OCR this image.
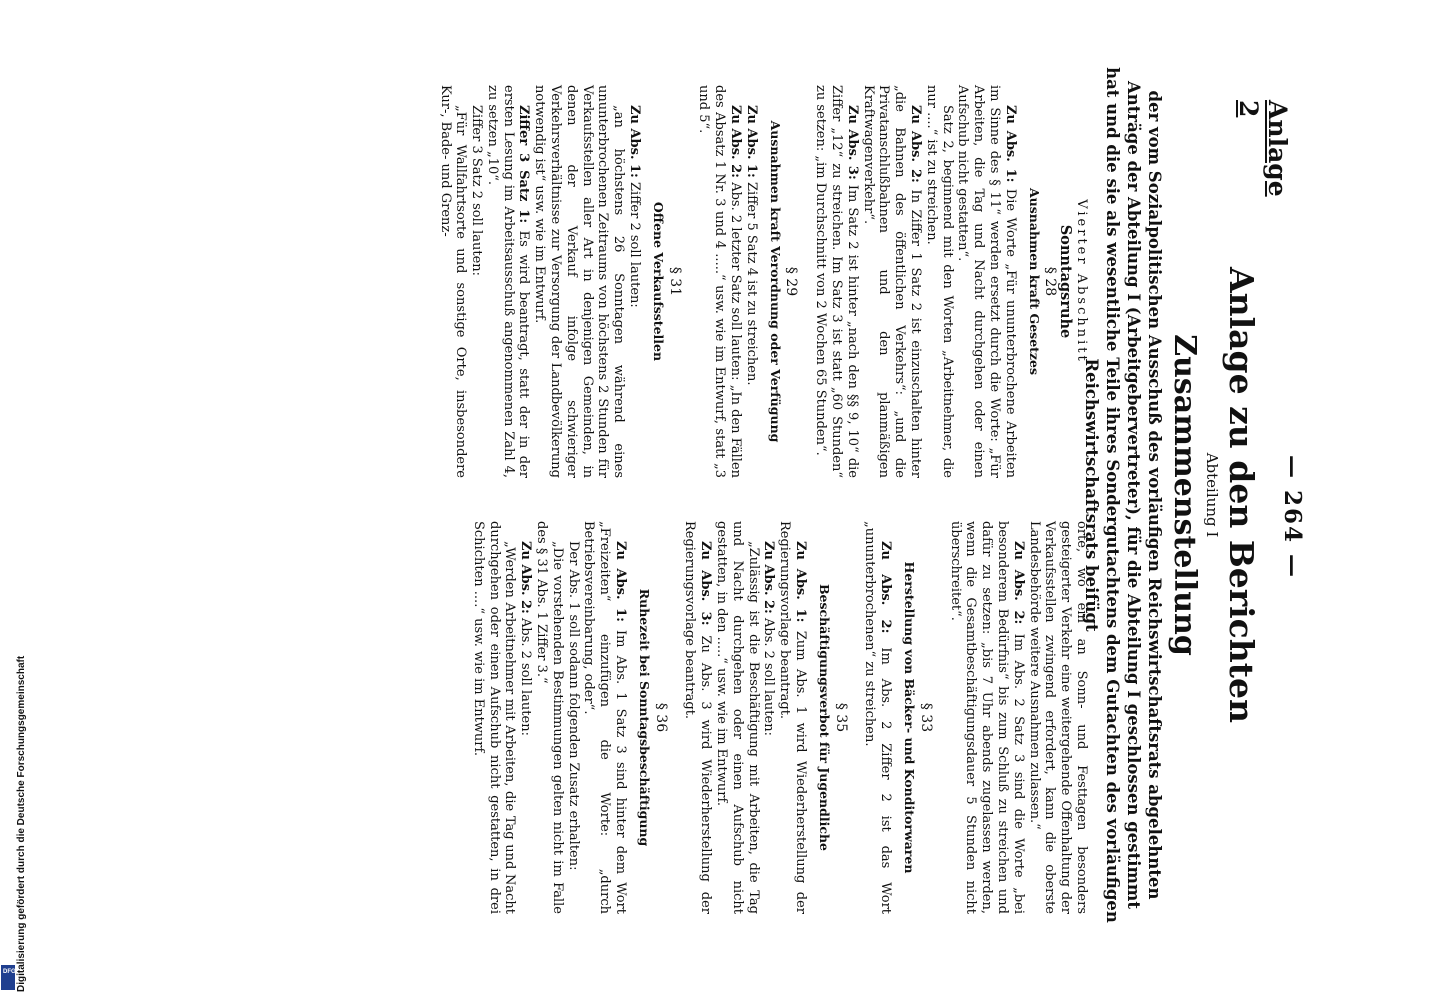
Anlage 2
— 264 —
Anlage zu den Berichten
Abteilung I
Zusammenstellung
der vom Sozialpolitischen Ausschuß des vorläufigen Reichswirtschaftsrats abgelehnten
Anträge der Abteilung I (Arbeitgebervertreter), für die Abteilung I geschlossen gestimmt
hat und die sie als wesentliche Teile ihres Sondergutachtens dem Gutachten des vorläufigen
Reichswirtschaftsrats beifügt
Vierter Abschnitt
Sonntagsruhe
§ 28
Ausnahmen kraft Gesetzes

Zu Abs. 1: Die Worte „Für ununterbrochene Arbeiten im Sinne des § 11“ werden ersetzt durch die Worte: „Für Arbeiten, die Tag und Nacht durchgehen oder einen Aufschub nicht gestatten“.

Satz 2, beginnend mit den Worten „Arbeitnehmer, die nur ....“ ist zu streichen.

Zu Abs. 2: In Ziffer 1 Satz 2 ist einzuschalten hinter „die Bahnen des öffentlichen Verkehrs“: „und die Privatanschlußbahnen und den planmäßigen Kraftwagenverkehr“.

Zu Abs. 3: Im Satz 2 ist hinter „nach den §§ 9, 10“ die Ziffer „12“ zu streichen. Im Satz 3 ist statt „60 Stunden“ zu setzen: „im Durchschnitt von 2 Wochen 65 Stunden“.

§ 29
Ausnahmen kraft Verordnung oder Verfügung

Zu Abs. 1: Ziffer 5 Satz 4 ist zu streichen.

Zu Abs. 2: Abs. 2 letzter Satz soll lauten: „In den Fällen des Absatz 1 Nr. 3 und 4 .....“ usw. wie im Entwurf, statt „3 und 5“.

§ 31
Offene Verkaufsstellen

Zu Abs. 1: Ziffer 2 soll lauten:

„an höchstens 26 Sonntagen während eines ununterbrochenen Zeitraums von höchstens 2 Stunden für Verkaufsstellen aller Art in denjenigen Gemeinden, in denen der Verkauf infolge schwieriger Verkehrsverhältnisse zur Versorgung der Landbevölkerung notwendig ist“ usw. wie im Entwurf.

Ziffer 3 Satz 1: Es wird beantragt, statt der in der ersten Lesung im Arbeitsausschuß angenommenen Zahl 4, zu setzen „10“.

Ziffer 3 Satz 2 soll lauten:

„Für Wallfahrtsorte und sonstige Orte, insbesondere Kur-, Bade- und Grenz-

orte, wo ein an Sonn- und Festtagen besonders gesteigerter Verkehr eine weitergehende Offenhaltung der Verkaufsstellen zwingend erfordert, kann die oberste Landesbehörde weitere Ausnahmen zulassen.“

Zu Abs. 2: Im Abs. 2 Satz 3 sind die Worte „bei besonderem Bedürfnis“ bis zum Schluß zu streichen und dafür zu setzen: „bis 7 Uhr abends zugelassen werden, wenn die Gesamtbeschäftigungsdauer 5 Stunden nicht überschreitet“.

§ 33
Herstellung von Bäcker- und Konditorwaren

Zu Abs. 2: Im Abs. 2 Ziffer 2 ist das Wort „ununterbrochenen“ zu streichen.

§ 35
Beschäftigungsverbot für Jugendliche

Zu Abs. 1: Zum Abs. 1 wird Wiederherstellung der Regierungsvorlage beantragt.

Zu Abs. 2: Abs. 2 soll lauten:

„Zulässig ist die Beschäftigung mit Arbeiten, die Tag und Nacht durchgehen oder einen Aufschub nicht gestatten, in den .....“ usw. wie im Entwurf.

Zu Abs. 3: Zu Abs. 3 wird Wiederherstellung der Regierungsvorlage beantragt.

§ 36
Ruhezeit bei Sonntagsbeschäftigung

Zu Abs. 1: Im Abs. 1 Satz 3 sind hinter dem Wort „Freizeiten“ einzufügen die Worte: „durch Betriebsvereinbarung, oder“.

Der Abs. 1 soll sodann folgenden Zusatz erhalten:

„Die vorstehenden Bestimmungen gelten nicht im Falle des § 31 Abs. 1 Ziffer 3.“

Zu Abs. 2: Abs. 2 soll lauten:

„Werden Arbeitnehmer mit Arbeiten, die Tag und Nacht durchgehen oder einen Aufschub nicht gestatten, in drei Schichten ....“ usw. wie im Entwurf.

Digitalisierung gefördert durch die Deutsche Forschungsgemeinschaft
DFG
